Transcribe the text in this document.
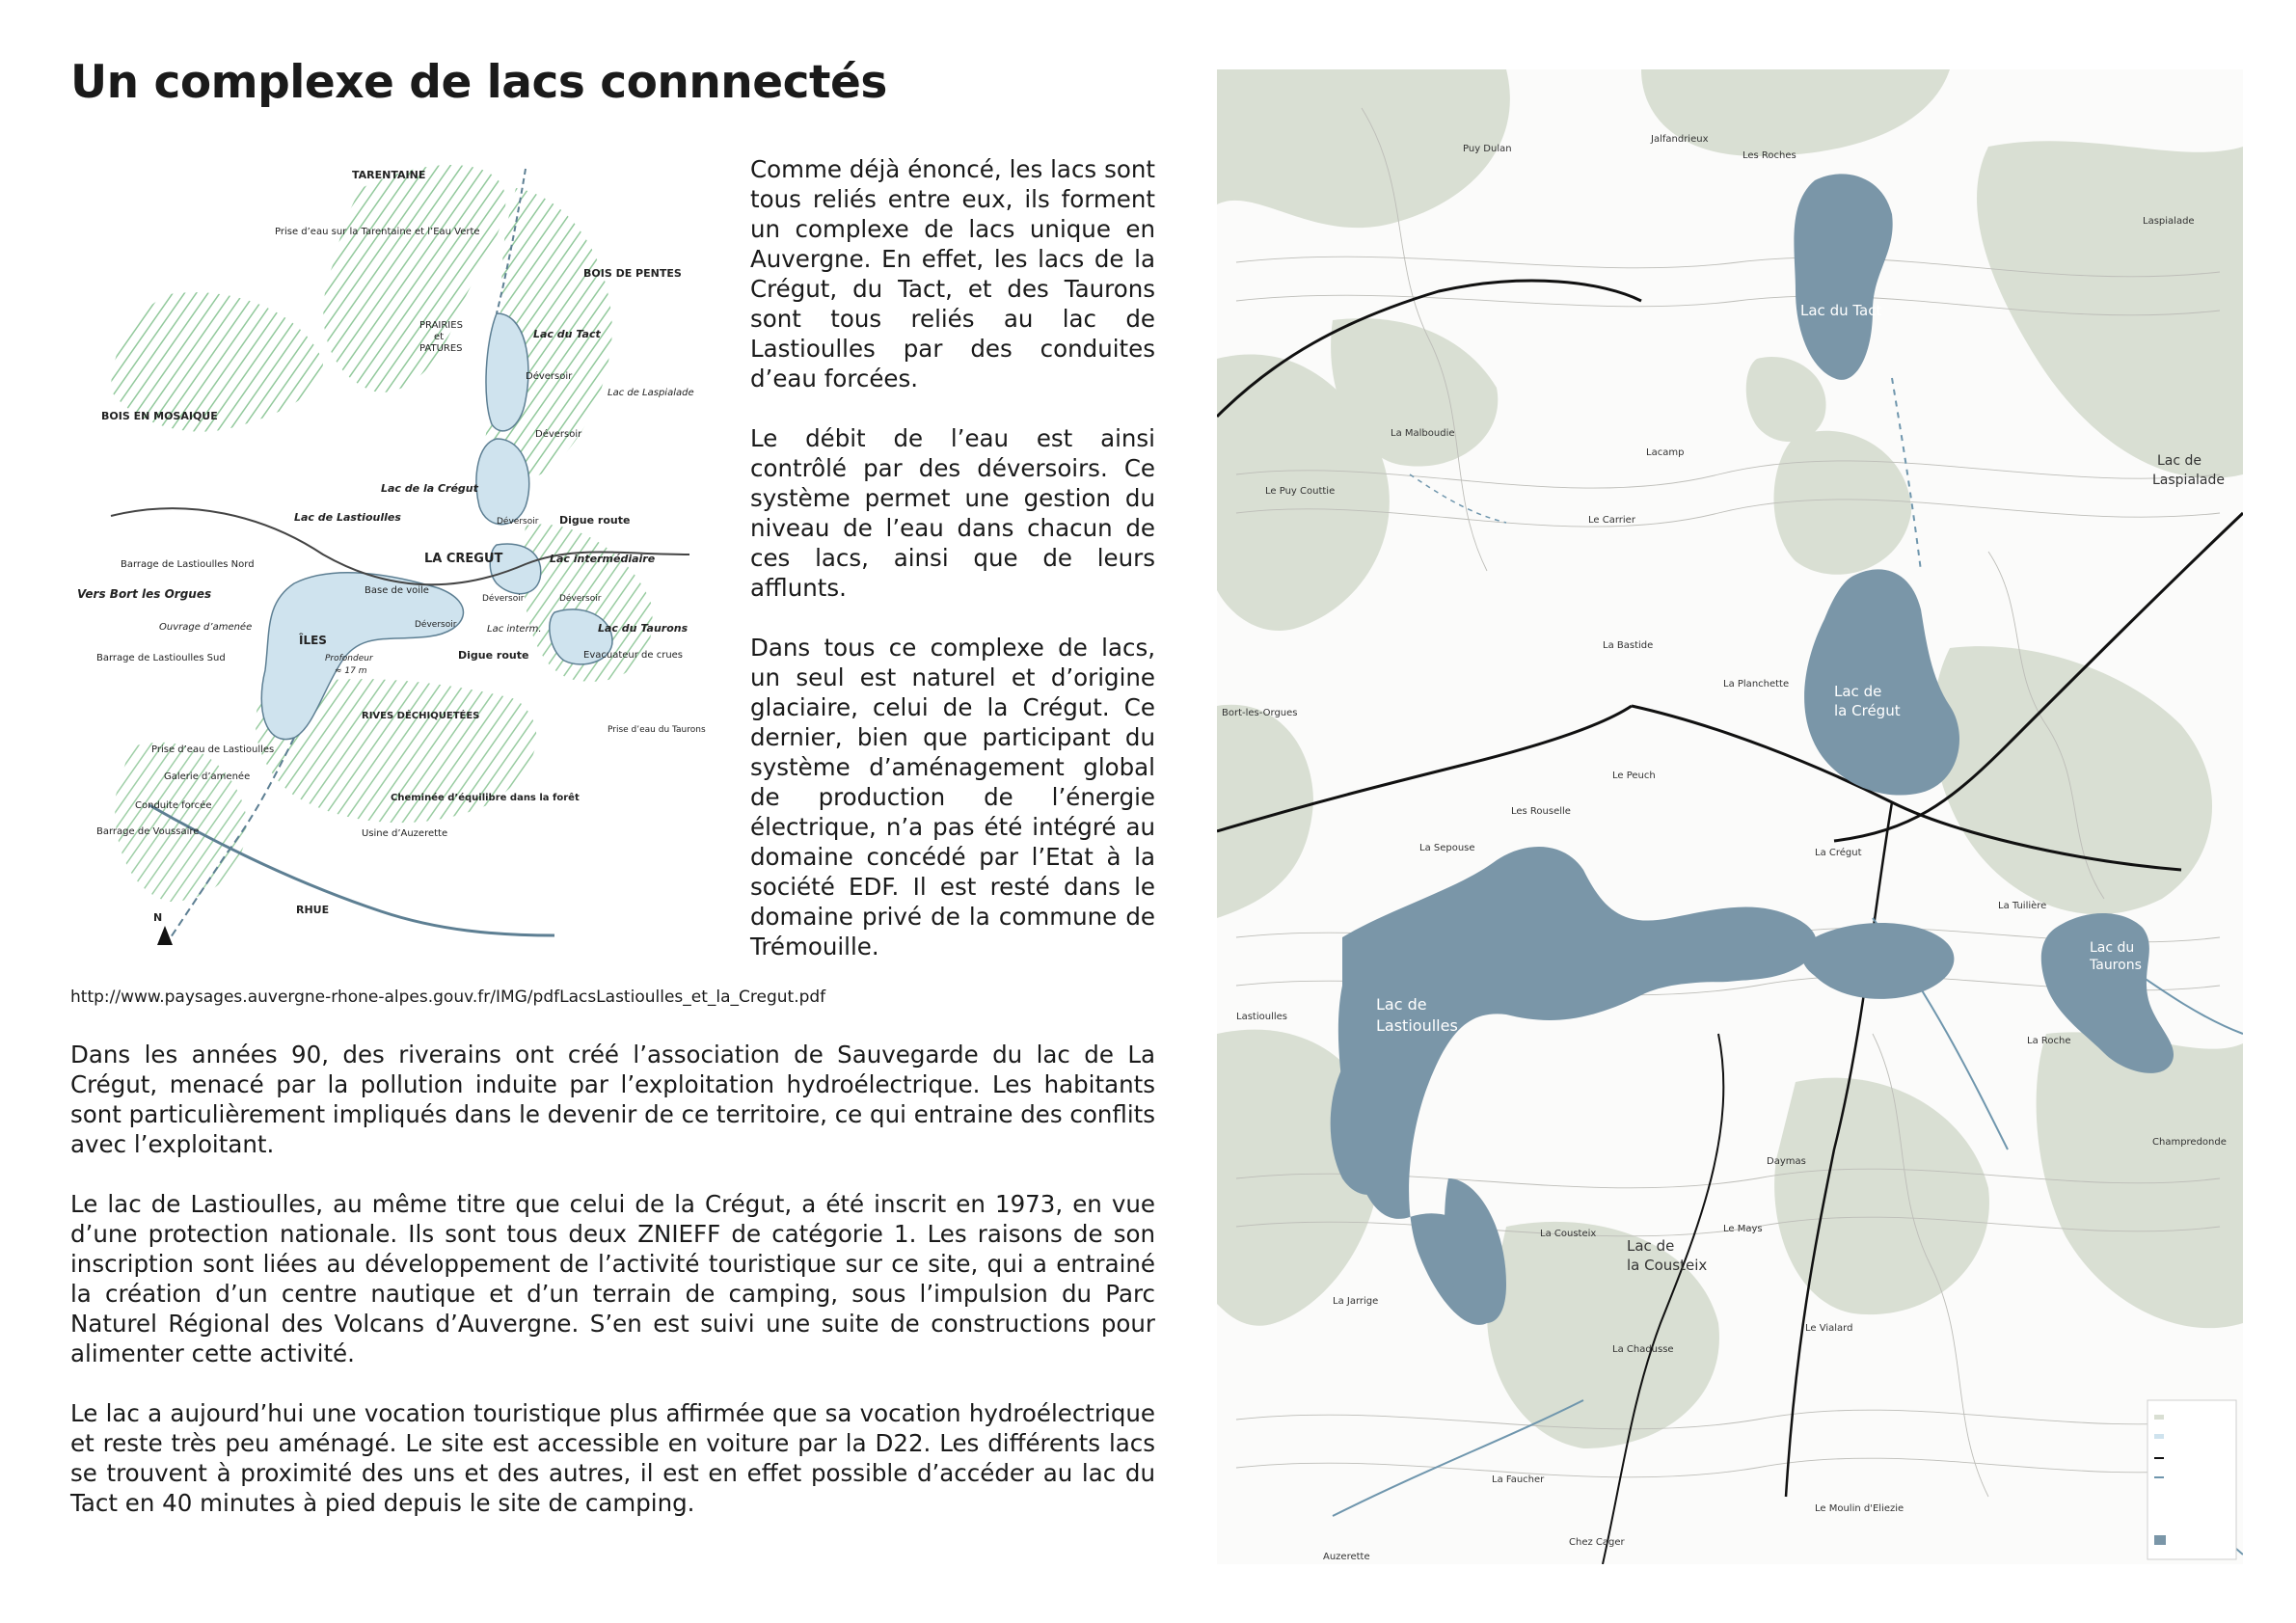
Un complexe de lacs connnectés
TARENTAINE
Prise d’eau sur la Tarentaine et l’Eau Verte
BOIS DE PENTES
PRAIRIES
et
PATURES
Lac du Tact
Déversoir
Lac de Laspialade
BOIS EN MOSAIQUE
Déversoir
Lac de la Crégut
Lac de Lastioulles	Digue route
Déversoir
Barrage de Lastioulles Nord	LA CREGUT	Lac intermédiaire
Vers Bort les Orgues	Base de voile
Déversoir	Déversoir
Ouvrage d’amenée	Lac interm.	Lac du Taurons
Déversoir
ÎLES
Barrage de Lastioulles Sud	Profondeur
≈ 17 m
Digue route	Evacuateur de crues
RIVES DÉCHIQUETÉES
Prise d’eau du Taurons
Prise d’eau de Lastioulles
Galerie d’amenée
Conduite forcée
Cheminée d’équilibre dans la forêt
Barrage de Voussaire	Usine d’Auzerette
RHUE
N

Comme déjà énoncé, les lacs sont tous reliés entre eux, ils forment un complexe de lacs unique en Auvergne. En effet, les lacs de la Crégut, du Tact, et des Taurons sont tous reliés au lac de Lastioulles par des conduites d’eau forcées.

Le débit de l’eau est ainsi contrôlé par des déversoirs. Ce système permet une gestion du niveau de l’eau dans chacun de ces lacs, ainsi que de leurs afflunts.

Dans tous ce complexe de lacs, un seul est naturel et d’origine glaciaire, celui de la Crégut. Ce dernier, bien que participant du système d’aménagement global de production de l’énergie électrique, n’a pas été intégré au domaine concédé par l’Etat à la société EDF. Il est resté dans le domaine privé de la commune de Trémouille.

http://www.paysages.auvergne-rhone-alpes.gouv.fr/IMG/pdfLacsLastioulles_et_la_Cregut.pdf

Dans les années 90, des riverains ont créé l’association de Sauvegarde du lac de La Crégut, menacé par la pollution induite par l’exploitation hydroélectrique. Les habitants sont particulièrement impliqués dans le devenir de ce territoire, ce qui entraine des conflits avec l’exploitant.

Le lac de Lastioulles, au même titre que celui de la Crégut, a été inscrit en 1973, en vue d’une protection nationale. Ils sont tous deux ZNIEFF de catégorie 1. Les raisons de son inscription sont liées au développement de l’activité touristique sur ce site, qui a entrainé la création d’un centre nautique et d’un terrain de camping, sous l’impulsion du Parc Naturel Régional des Volcans d’Auvergne. S’en est suivi une suite de constructions pour alimenter cette activité.

Le lac a aujourd’hui une vocation touristique plus affirmée que sa vocation hydroélectrique et reste très peu aménagé. Le site est accessible en voiture par la D22. Les différents lacs se trouvent à proximité des uns et des autres, il est en effet possible d’accéder au lac du Tact en 40 minutes à pied depuis le site de camping.

Lac du Tact
Lac de
la Crégut
Lac de
Lastioulles
Lac du
Taurons
Lac de
Laspialade
Lac de
la Cousteix
Jalfandrieux
Les Roches
Puy Dulan
Laspialade
La Malboudie
Le Puy Couttie
Lacamp
Le Carrier
La Bastide
La Planchette
Le Peuch
Les Rouselle
La Crégut
La Tuilière
La Sepouse
Lastioulles
La Roche
Champredonde
Daymas
La Cousteix	Le Mays
La Jarrige
La Chadusse
Le Vialard
La Faucher
Le Moulin d'Eliezie
Chez Cager
Auzerette
Bort-les-Orgues
